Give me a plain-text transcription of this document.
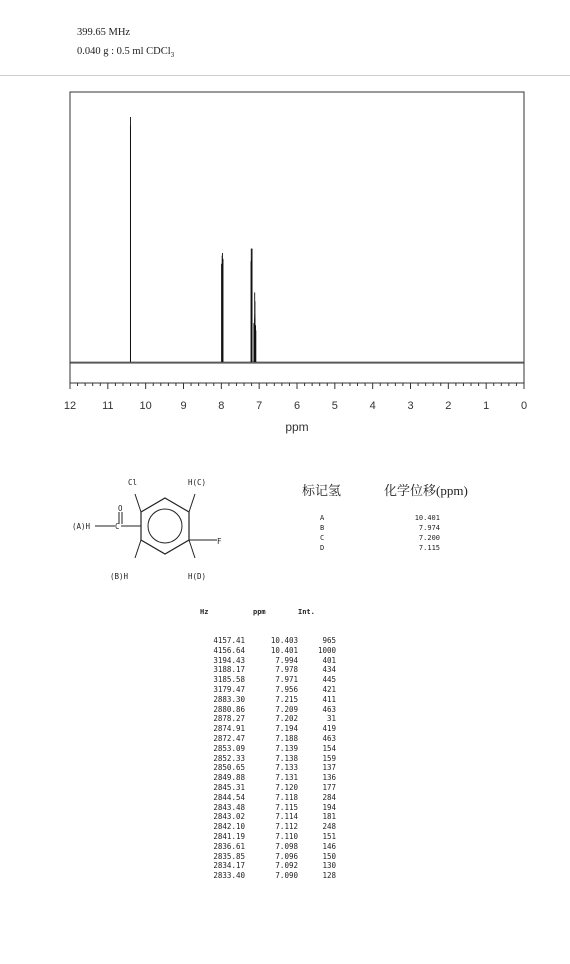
399.65 MHz
0.040 g : 0.5 ml CDCl$_3$
12 11 10	9	8	7	6	5	4	3	2	1	0
ppm
Cl	H(C)
O
C
(A)H
F
(B)H	H(D)
标记氢	化学位移(ppm)
A	10.401
B	7.974
C	7.200
D	7.115
Hz	ppm	Int.
4157.41	10.403	965
4156.64	10.401	1000
3194.43	7.994	401
3188.17	7.978	434
3185.58	7.971	445
3179.47	7.956	421
2883.30	7.215	411
2880.86	7.209	463
2878.27	7.202	31
2874.91	7.194	419
2872.47	7.188	463
2853.09	7.139	154
2852.33	7.138	159
2850.65	7.133	137
2849.88	7.131	136
2845.31	7.120	177
2844.54	7.118	284
2843.48	7.115	194
2843.02	7.114	181
2842.10	7.112	248
2841.19	7.110	151
2836.61	7.098	146
2835.85	7.096	150
2834.17	7.092	130
2833.40	7.090	128
